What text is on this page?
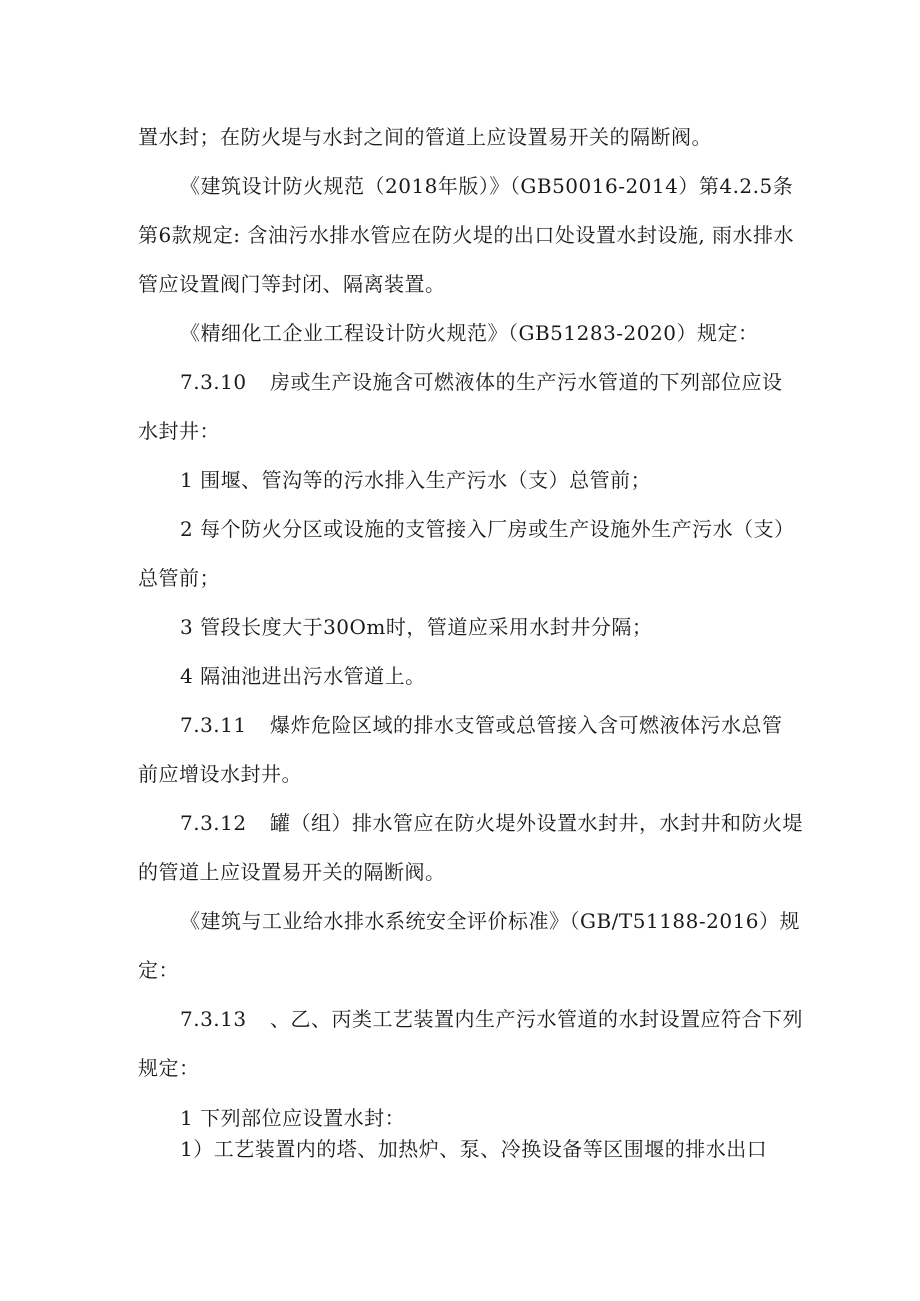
置水封；在防火堤与水封之间的管道上应设置易开关的隔断阀。
《建筑设计防火规范（2018年版）》（GB50016-2014）第4.2.5条
第6款规定: 含油污水排水管应在防火堤的出口处设置水封设施, 雨水排水
管应设置阀门等封闭、隔离装置。
《精细化工企业工程设计防火规范》（GB51283-2020）规定：
7.3.10 房或生产设施含可燃液体的生产污水管道的下列部位应设
水封井：
1 围堰、管沟等的污水排入生产污水（支）总管前；
2 每个防火分区或设施的支管接入厂房或生产设施外生产污水（支）
总管前；
3 管段长度大于30Om时，管道应采用水封井分隔；
4 隔油池进出污水管道上。
7.3.11 爆炸危险区域的排水支管或总管接入含可燃液体污水总管
前应增设水封井。
7.3.12 罐（组）排水管应在防火堤外设置水封井，水封井和防火堤
的管道上应设置易开关的隔断阀。
《建筑与工业给水排水系统安全评价标准》（GB/T51188-2016）规
定：
7.3.13 、乙、丙类工艺装置内生产污水管道的水封设置应符合下列
规定：
1 下列部位应设置水封：
1）工艺装置内的塔、加热炉、泵、冷换设备等区围堰的排水出口
